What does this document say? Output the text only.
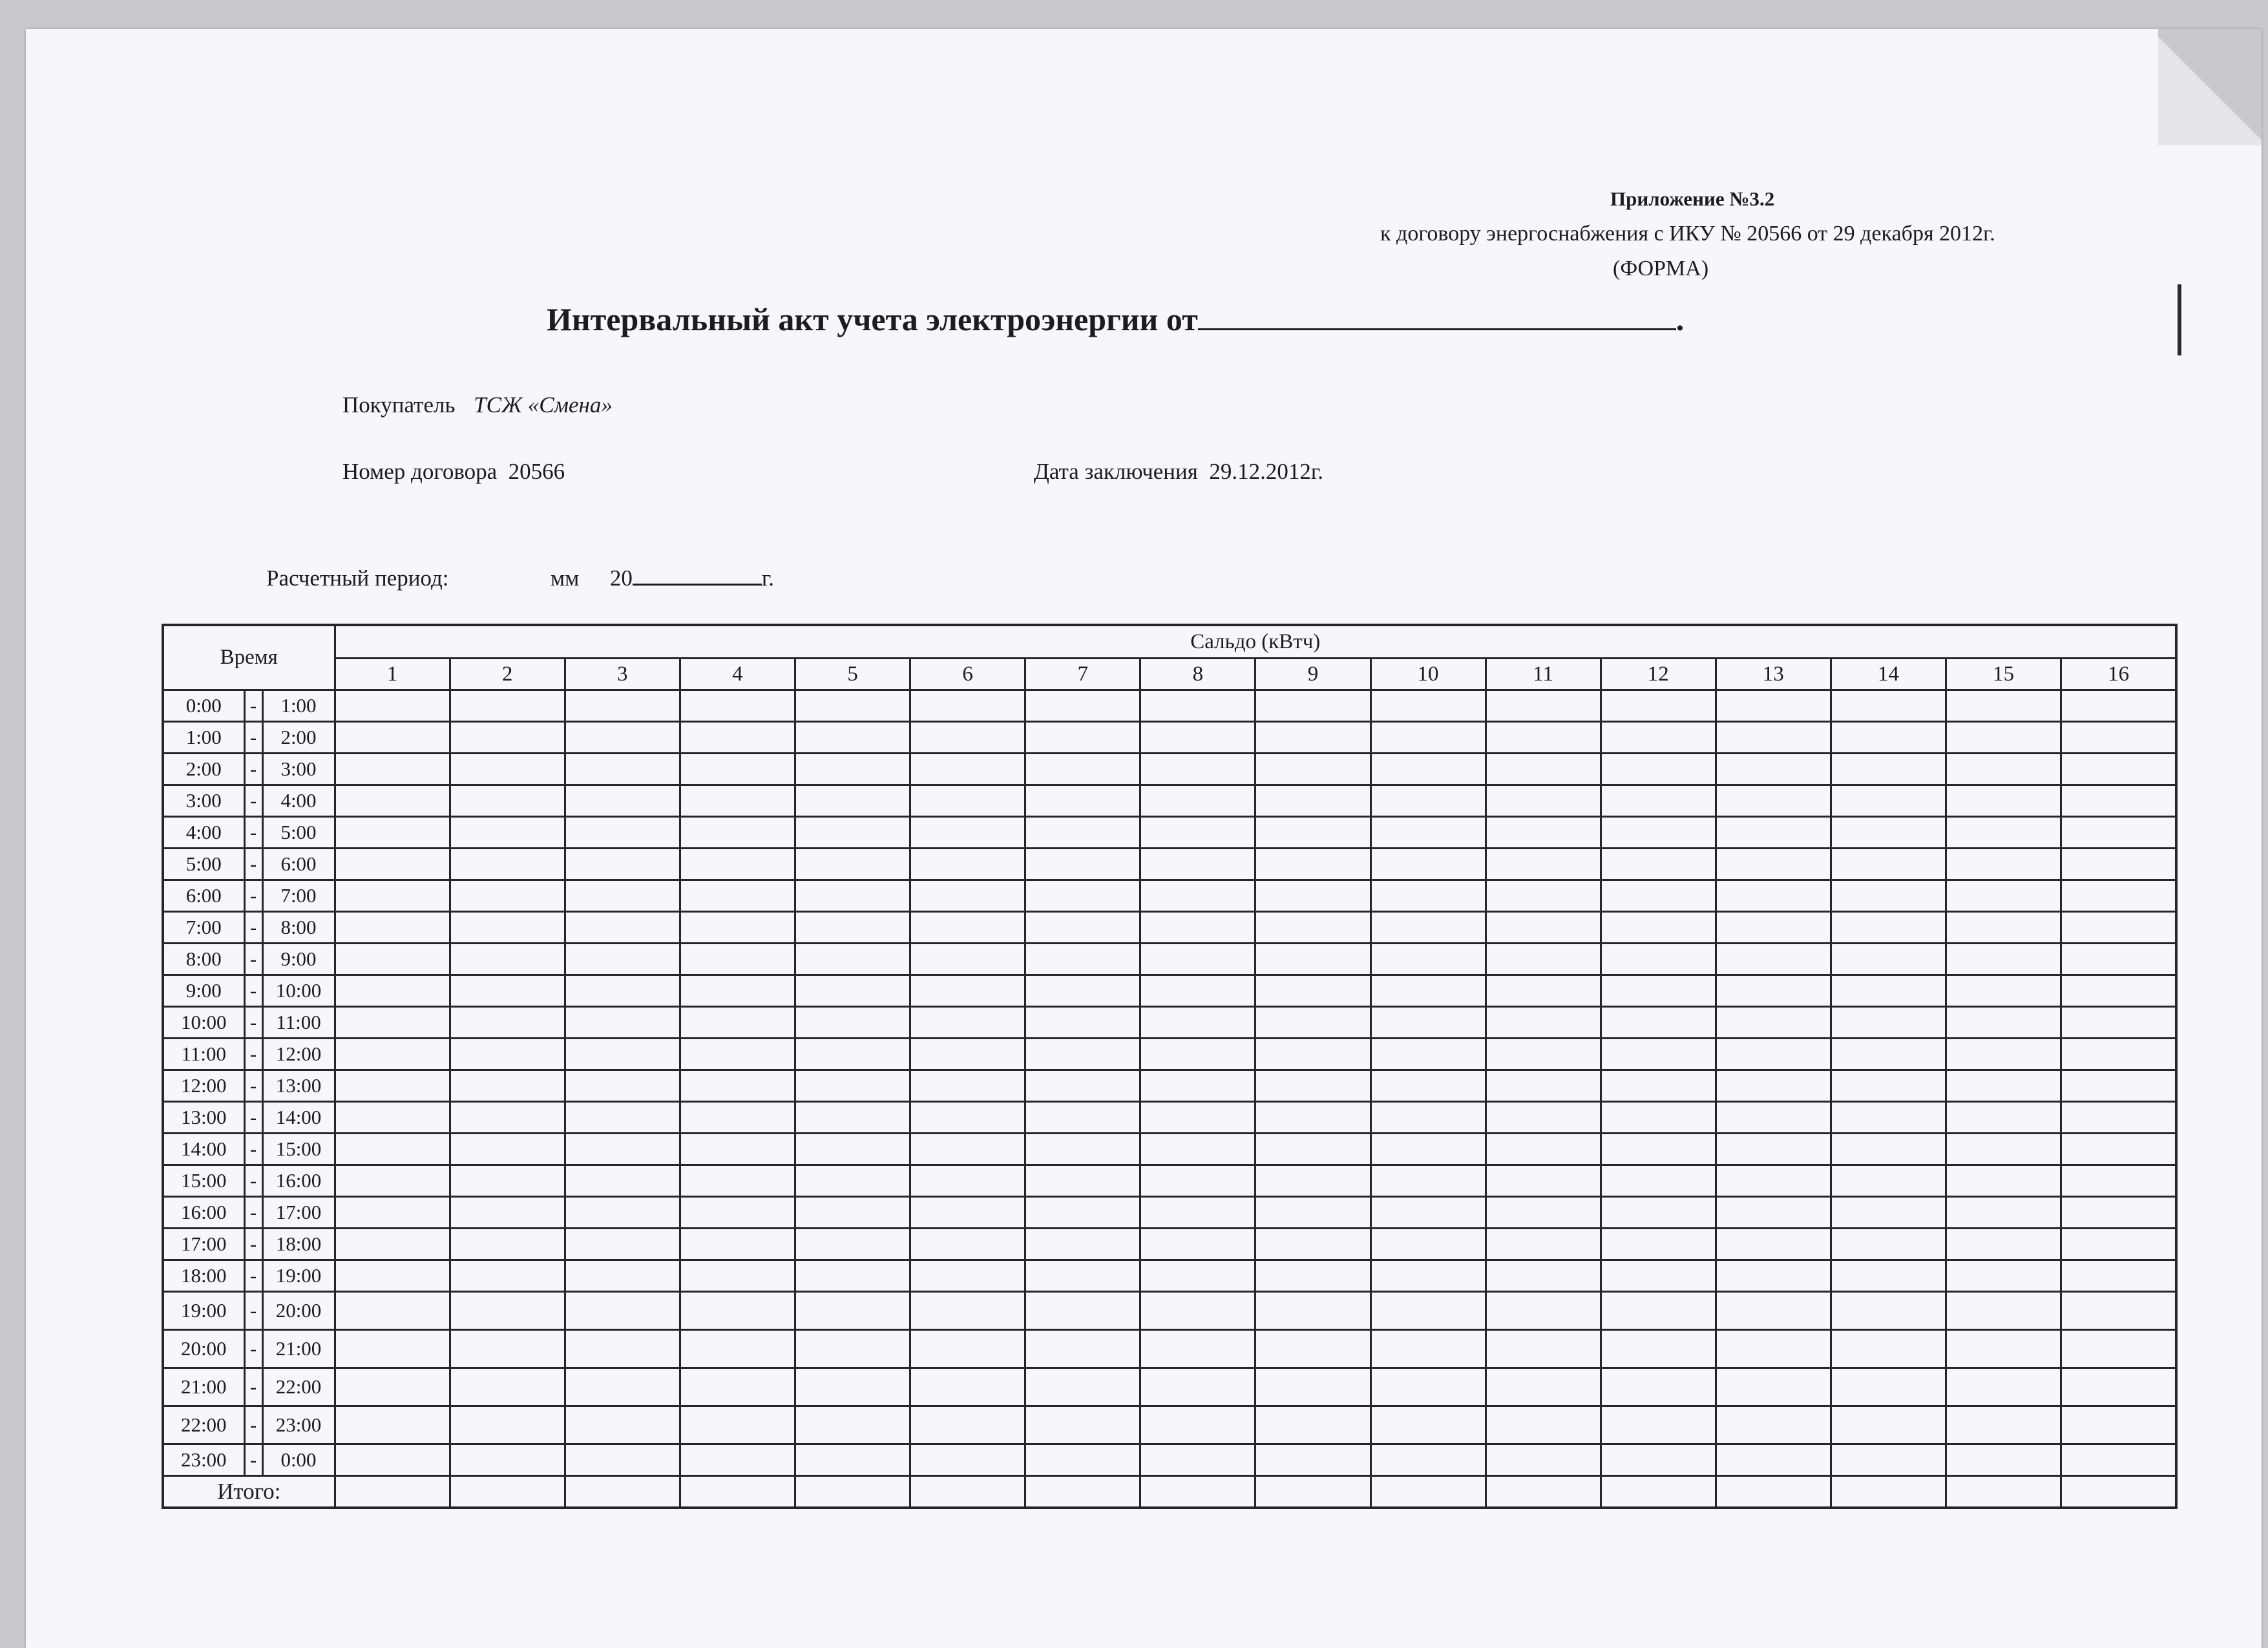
Приложение №3.2
к договору энергоснабжения с ИКУ № 20566 от 29 декабря 2012г.
(ФОРМА)
Интервальный акт учета электроэнергии от	.
Покупатель ТСЖ «Смена»
Номер договора 20566	Дата заключения 29.12.2012г.
Расчетный период:	мм 20	г.
Время			Сальдо (кВтч)															
			1	2	3	4	5	6	7	8	9	10	11	12	13	14	15	16
0:00	-	1:00																
1:00	-	2:00																
2:00	-	3:00																
3:00	-	4:00																
4:00	-	5:00																
5:00	-	6:00																
6:00	-	7:00																
7:00	-	8:00																
8:00	-	9:00																
9:00	-	10:00																
10:00	-	11:00																
11:00	-	12:00																
12:00	-	13:00																
13:00	-	14:00																
14:00	-	15:00																
15:00	-	16:00																
16:00	-	17:00																
17:00	-	18:00																
18:00	-	19:00																
19:00	-	20:00																
20:00	-	21:00																
21:00	-	22:00																
22:00	-	23:00																
23:00	-	0:00																
Итого:																		
